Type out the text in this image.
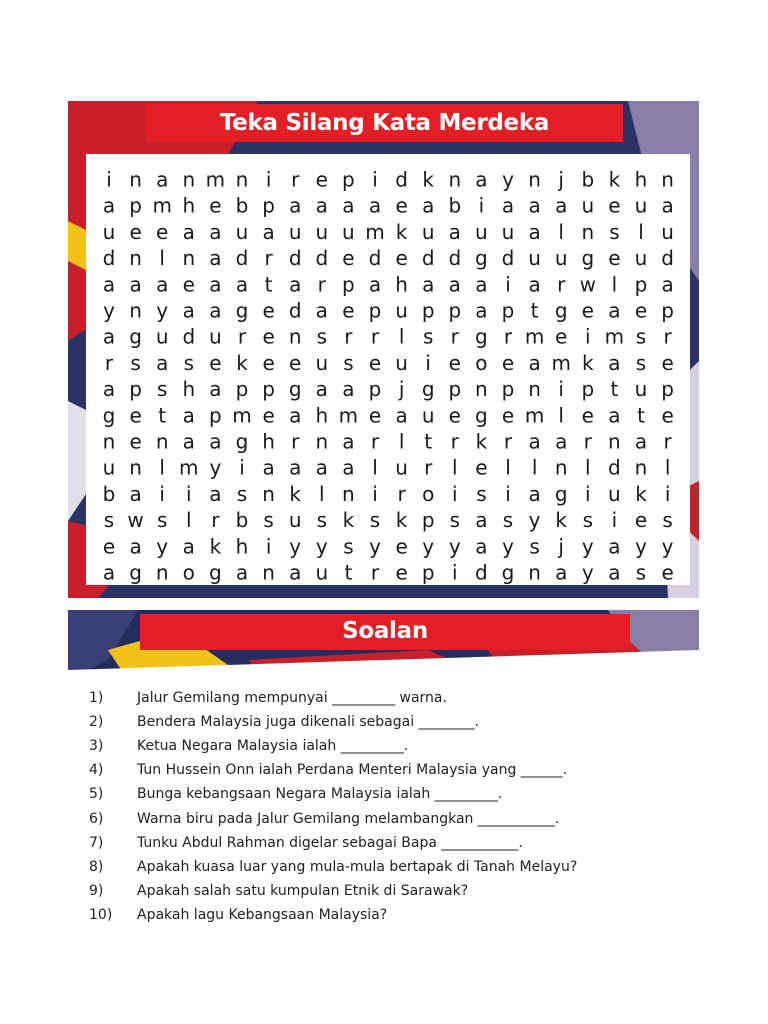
Teka Silang Kata Merdeka
i n a n m n i r e p i d k n a y n j b k h n
a p m h e b p a a a a e a b i a a a u e u a
u e e a a u a u u u m k u a u u a l n s l u
d n l n a d r d d e d e d d g d u u g e u d
a a a e a a t a r p a h a a a i a r w l p a
y n y a a g e d a e p u p p a p t g e a e p
a g u d u r e n s r r l s r g r m e i m s r
r s a s e k e e u s e u i e o e a m k a s e
a p s h a p p g a a p j g p n p n i p t u p
g e t a p m e a h m e a u e g e m l e a t e
n e n a a g h r n a r l t r k r a a r n a r
u n l m y i a a a a l u r l e l l n l d n l
b a i i a s n k l n i r o i s i a g i u k i
s w s l r b s u s k s k p s a s y k s i e s
e a y a k h i y y s y e y y a y s j y a y y
a g n o g a n a u t r e p i d g n a y a s e
Soalan
1)	Jalur Gemilang mempunyai _________ warna.
2)	Bendera Malaysia juga dikenali sebagai ________.
3)	Ketua Negara Malaysia ialah _________.
4)	Tun Hussein Onn ialah Perdana Menteri Malaysia yang ______.
5)	Bunga kebangsaan Negara Malaysia ialah _________.
6)	Warna biru pada Jalur Gemilang melambangkan ___________.
7)	Tunku Abdul Rahman digelar sebagai Bapa ___________.
8)	Apakah kuasa luar yang mula-mula bertapak di Tanah Melayu?
9)	Apakah salah satu kumpulan Etnik di Sarawak?
10)	Apakah lagu Kebangsaan Malaysia?
